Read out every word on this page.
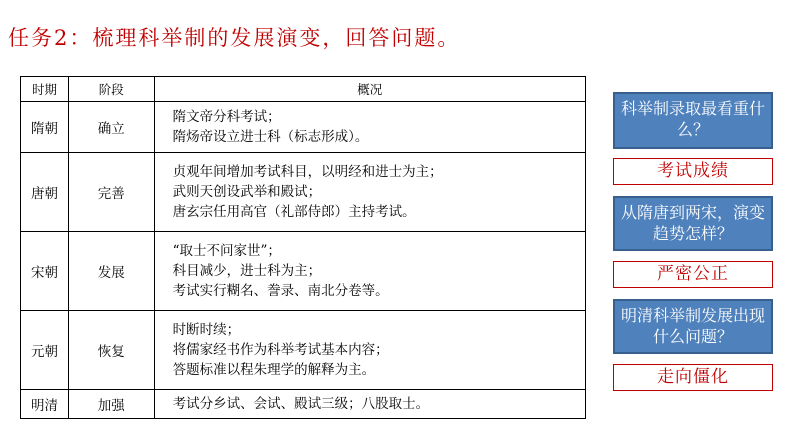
任务2：梳理科举制的发展演变，回答问题。
时期	阶段	概况
隋朝	确立	隋文帝分科考试；
隋炀帝设立进士科（标志形成）。

唐朝	完善	贞观年间增加考试科目，以明经和进士为主；
武则天创设武举和殿试；
唐玄宗任用高官（礼部侍郎）主持考试。

宋朝	发展	“取士不问家世”；
科目减少，进士科为主；
考试实行糊名、誊录、南北分卷等。

元朝	恢复	时断时续；
将儒家经书作为科举考试基本内容；
答题标准以程朱理学的解释为主。

明清	加强	考试分乡试、会试、殿试三级；八股取士。
科举制录取最看重什么？
考试成绩
从隋唐到两宋，演变趋势怎样？
严密公正
明清科举制发展出现什么问题？
走向僵化
